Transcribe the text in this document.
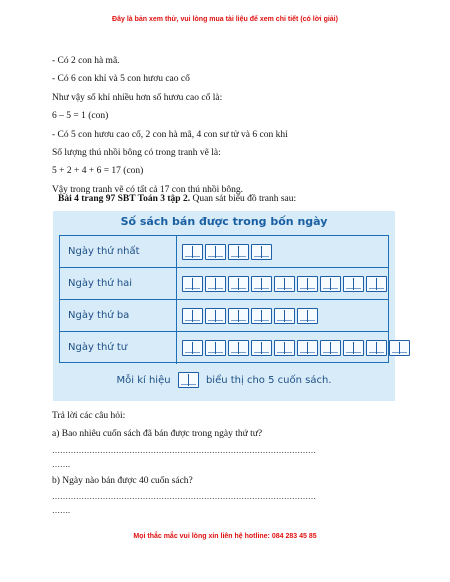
Đây là bản xem thử, vui lòng mua tài liệu để xem chi tiết (có lời giải)
- Có 2 con hà mã.
- Có 6 con khỉ và 5 con hươu cao cổ
Như vậy số khỉ nhiều hơn số hươu cao cổ là:
6 – 5 = 1 (con)
- Có 5 con hươu cao cổ, 2 con hà mã, 4 con sư tử và 6 con khỉ
Số lượng thú nhồi bông có trong tranh vẽ là:
5 + 2 + 4 + 6 = 17 (con)
Vậy trong tranh vẽ có tất cả 17 con thú nhồi bông.
Bài 4 trang 97 SBT Toán 3 tập 2. Quan sát biểu đồ tranh sau:
Số sách bán được trong bốn ngày
Ngày thứ nhất
Ngày thứ hai
Ngày thứ ba
Ngày thứ tư
Mỗi kí hiệu	biểu thị cho 5 cuốn sách.
Trả lời các câu hỏi:
a) Bao nhiêu cuốn sách đã bán được trong ngày thứ tư?
………………………………………………………………………………………
…….
b) Ngày nào bán được 40 cuốn sách?
………………………………………………………………………………………
…….
Mọi thắc mắc vui lòng xin liên hệ hotline: 084 283 45 85
